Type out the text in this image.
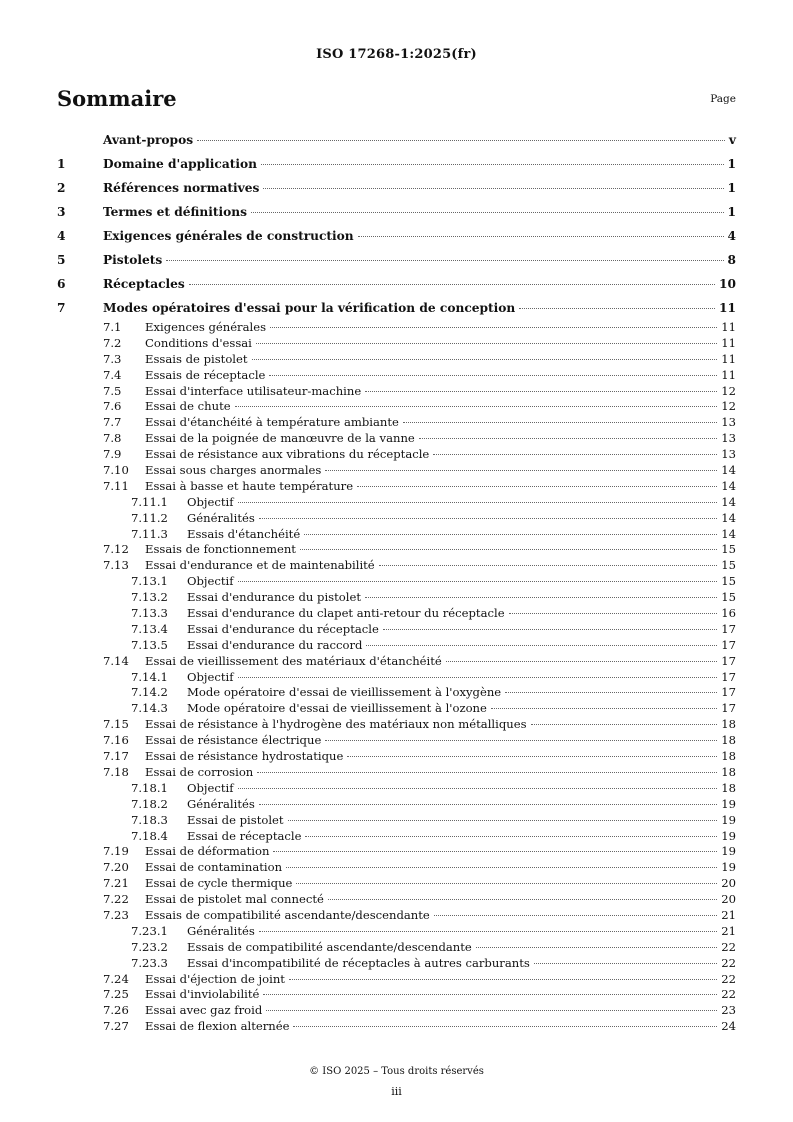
ISO 17268-1:2025(fr)
Sommaire	Page
Avant-propos	v
1	Domaine d'application	1
2	Références normatives	1
3	Termes et définitions	1
4	Exigences générales de construction	4
5	Pistolets	8
6	Réceptacles	10
7	Modes opératoires d'essai pour la vérification de conception	11
7.1	Exigences générales	11
7.2	Conditions d'essai	11
7.3	Essais de pistolet	11
7.4	Essais de réceptacle	11
7.5	Essai d'interface utilisateur-machine	12
7.6	Essai de chute	12
7.7	Essai d'étanchéité à température ambiante	13
7.8	Essai de la poignée de manœuvre de la vanne	13
7.9	Essai de résistance aux vibrations du réceptacle	13
7.10	Essai sous charges anormales	14
7.11	Essai à basse et haute température	14
7.11.1	Objectif	14
7.11.2	Généralités	14
7.11.3	Essais d'étanchéité	14
7.12	Essais de fonctionnement	15
7.13	Essai d'endurance et de maintenabilité	15
7.13.1	Objectif	15
7.13.2	Essai d'endurance du pistolet	15
7.13.3	Essai d'endurance du clapet anti-retour du réceptacle	16
7.13.4	Essai d'endurance du réceptacle	17
7.13.5	Essai d'endurance du raccord	17
7.14	Essai de vieillissement des matériaux d'étanchéité	17
7.14.1	Objectif	17
7.14.2	Mode opératoire d'essai de vieillissement à l'oxygène	17
7.14.3	Mode opératoire d'essai de vieillissement à l'ozone	17
7.15	Essai de résistance à l'hydrogène des matériaux non métalliques	18
7.16	Essai de résistance électrique	18
7.17	Essai de résistance hydrostatique	18
7.18	Essai de corrosion	18
7.18.1	Objectif	18
7.18.2	Généralités	19
7.18.3	Essai de pistolet	19
7.18.4	Essai de réceptacle	19
7.19	Essai de déformation	19
7.20	Essai de contamination	19
7.21	Essai de cycle thermique	20
7.22	Essai de pistolet mal connecté	20
7.23	Essais de compatibilité ascendante/descendante	21
7.23.1	Généralités	21
7.23.2	Essais de compatibilité ascendante/descendante	22
7.23.3	Essai d'incompatibilité de réceptacles à autres carburants	22
7.24	Essai d'éjection de joint	22
7.25	Essai d'inviolabilité	22
7.26	Essai avec gaz froid	23
7.27	Essai de flexion alternée	24
© ISO 2025 – Tous droits réservés
iii
